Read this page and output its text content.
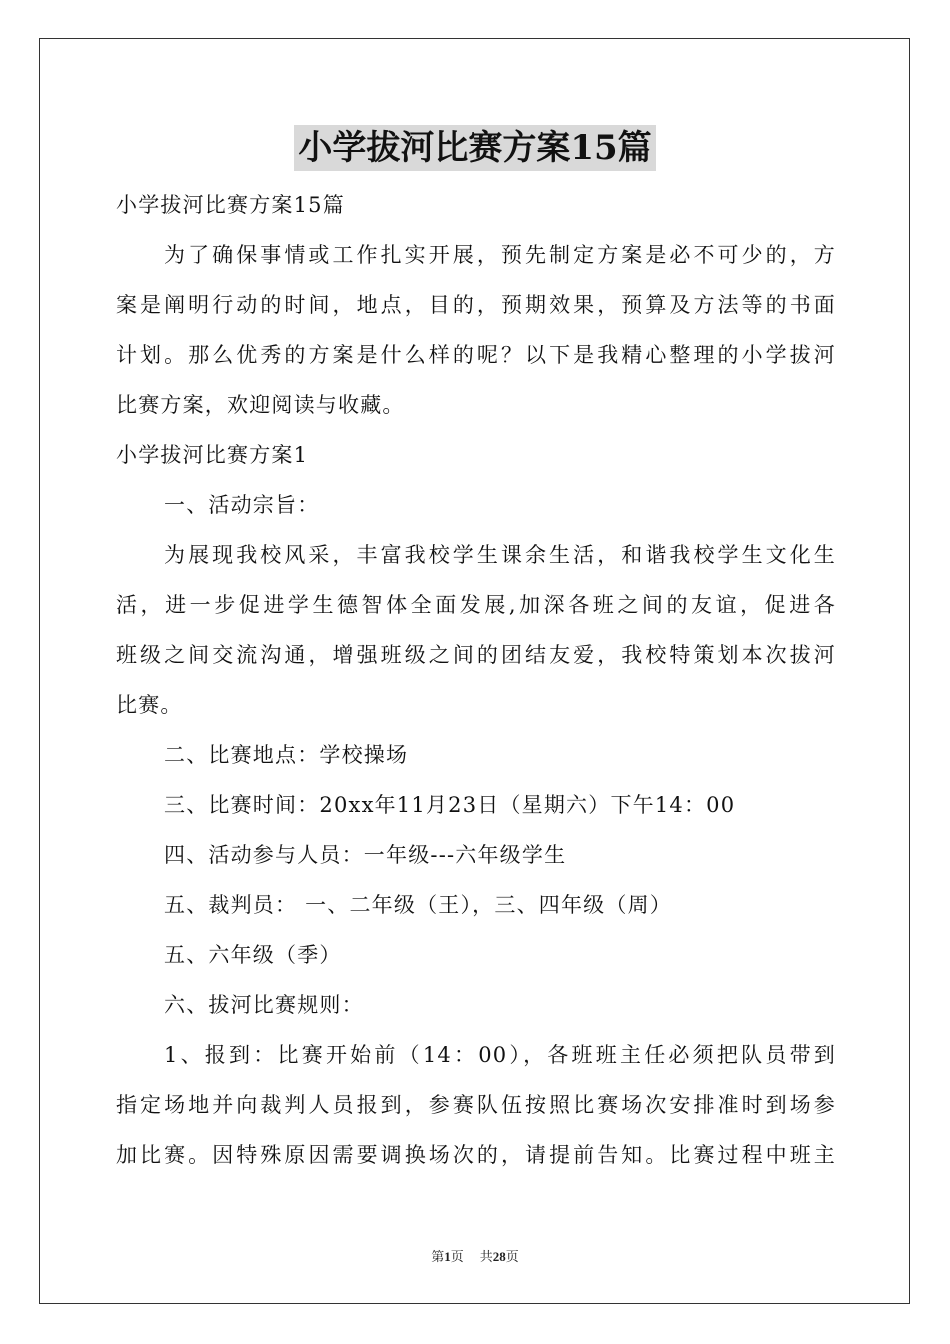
小学拔河比赛方案15篇
小学拔河比赛方案15篇
为了确保事情或工作扎实开展，预先制定方案是必不可少的，方
案是阐明行动的时间，地点，目的，预期效果，预算及方法等的书面
计划。那么优秀的方案是什么样的呢？以下是我精心整理的小学拔河
比赛方案，欢迎阅读与收藏。
小学拔河比赛方案1
一、活动宗旨：
为展现我校风采，丰富我校学生课余生活，和谐我校学生文化生
活，进一步促进学生德智体全面发展,加深各班之间的友谊，促进各
班级之间交流沟通，增强班级之间的团结友爱，我校特策划本次拔河
比赛。
二、比赛地点：学校操场
三、比赛时间：20xx年11月23日（星期六）下午14：00
四、活动参与人员：一年级---六年级学生
五、裁判员： 一、二年级（王），三、四年级（周）
五、六年级（季）
六、拔河比赛规则：
1、报到：比赛开始前（14：00），各班班主任必须把队员带到
指定场地并向裁判人员报到，参赛队伍按照比赛场次安排准时到场参
加比赛。因特殊原因需要调换场次的，请提前告知。比赛过程中班主
第1页 共28页
